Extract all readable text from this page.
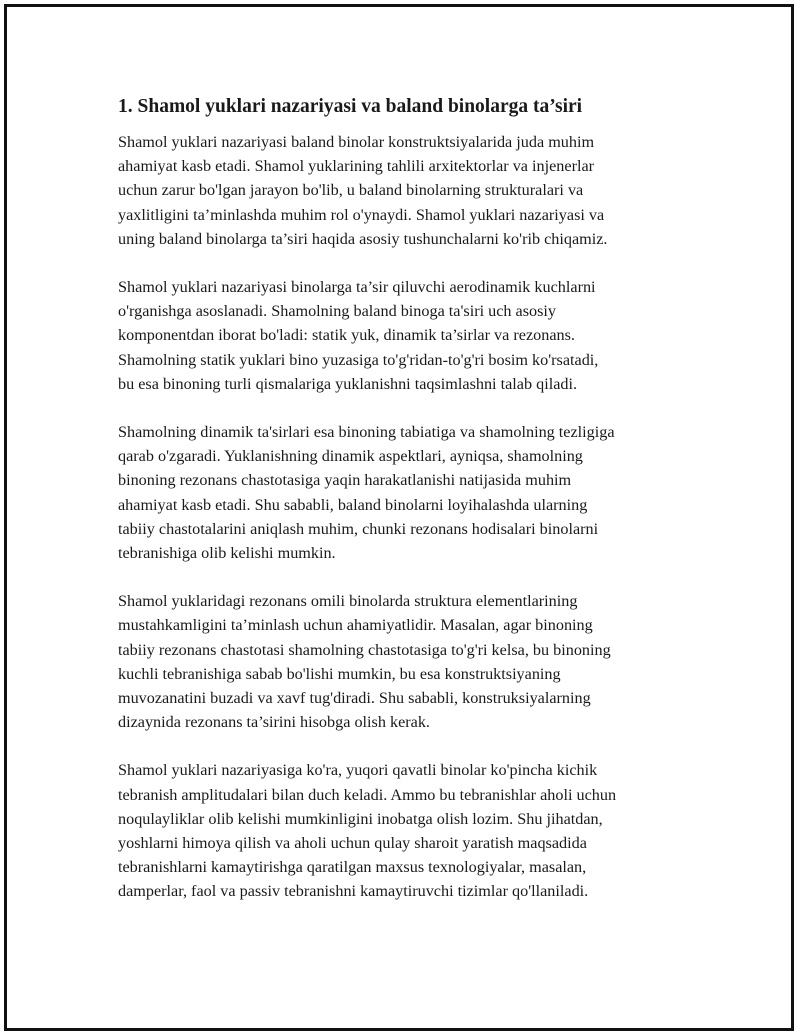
1. Shamol yuklari nazariyasi va baland binolarga ta’siri

Shamol yuklari nazariyasi baland binolar konstruktsiyalarida juda muhim
ahamiyat kasb etadi. Shamol yuklarining tahlili arxitektorlar va injenerlar
uchun zarur bo'lgan jarayon bo'lib, u baland binolarning strukturalari va
yaxlitligini ta’minlashda muhim rol o'ynaydi. Shamol yuklari nazariyasi va
uning baland binolarga ta’siri haqida asosiy tushunchalarni ko'rib chiqamiz.

Shamol yuklari nazariyasi binolarga ta’sir qiluvchi aerodinamik kuchlarni
o'rganishga asoslanadi. Shamolning baland binoga ta'siri uch asosiy
komponentdan iborat bo'ladi: statik yuk, dinamik ta’sirlar va rezonans.
Shamolning statik yuklari bino yuzasiga to'g'ridan-to'g'ri bosim ko'rsatadi,
bu esa binoning turli qismalariga yuklanishni taqsimlashni talab qiladi.

Shamolning dinamik ta'sirlari esa binoning tabiatiga va shamolning tezligiga
qarab o'zgaradi. Yuklanishning dinamik aspektlari, ayniqsa, shamolning
binoning rezonans chastotasiga yaqin harakatlanishi natijasida muhim
ahamiyat kasb etadi. Shu sababli, baland binolarni loyihalashda ularning
tabiiy chastotalarini aniqlash muhim, chunki rezonans hodisalari binolarni
tebranishiga olib kelishi mumkin.

Shamol yuklaridagi rezonans omili binolarda struktura elementlarining
mustahkamligini ta’minlash uchun ahamiyatlidir. Masalan, agar binoning
tabiiy rezonans chastotasi shamolning chastotasiga to'g'ri kelsa, bu binoning
kuchli tebranishiga sabab bo'lishi mumkin, bu esa konstruktsiyaning
muvozanatini buzadi va xavf tug'diradi. Shu sababli, konstruksiyalarning
dizaynida rezonans ta’sirini hisobga olish kerak.

Shamol yuklari nazariyasiga ko'ra, yuqori qavatli binolar ko'pincha kichik
tebranish amplitudalari bilan duch keladi. Ammo bu tebranishlar aholi uchun
noqulayliklar olib kelishi mumkinligini inobatga olish lozim. Shu jihatdan,
yoshlarni himoya qilish va aholi uchun qulay sharoit yaratish maqsadida
tebranishlarni kamaytirishga qaratilgan maxsus texnologiyalar, masalan,
damperlar, faol va passiv tebranishni kamaytiruvchi tizimlar qo'llaniladi.
